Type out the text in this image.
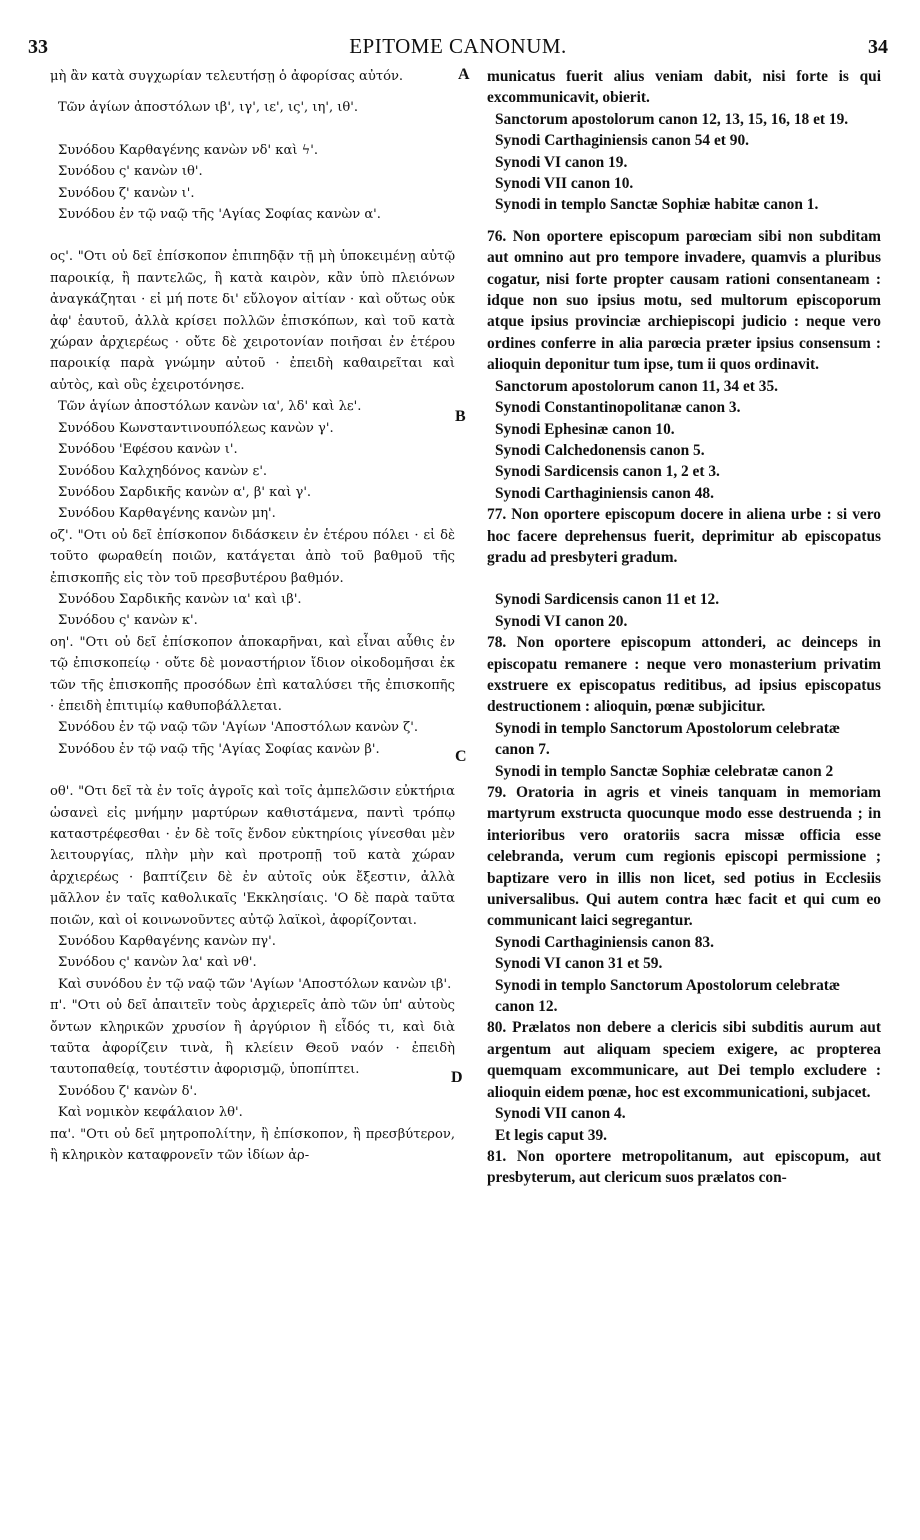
33	EPITOME CANONUM.	34
A
B
C
D

μὴ ἂν κατὰ συγχωρίαν τελευτήσῃ ὁ ἀφορίσας αὐτόν.

Τῶν ἁγίων ἀποστόλων ιβ', ιγ', ιε', ις', ιη', ιθ'.

Συνόδου Καρθαγένης κανὼν νδ' καὶ ϟ'.

Συνόδου ς' κανὼν ιθ'.

Συνόδου ζ' κανὼν ι'.

Συνόδου ἐν τῷ ναῷ τῆς 'Αγίας Σοφίας κανὼν α'.

ος'. "Οτι οὐ δεῖ ἐπίσκοπον ἐπιπηδᾷν τῇ μὴ ὑποκειμένῃ αὐτῷ παροικίᾳ, ἢ παντελῶς, ἢ κατὰ καιρὸν, κἂν ὑπὸ πλειόνων ἀναγκάζηται · εἰ μή ποτε δι' εὔλογον αἰτίαν · καὶ οὕτως οὐκ ἀφ' ἑαυτοῦ, ἀλλὰ κρίσει πολλῶν ἐπισκόπων, καὶ τοῦ κατὰ χώραν ἀρχιερέως · οὔτε δὲ χειροτονίαν ποιῆσαι ἐν ἑτέρου παροικίᾳ παρὰ γνώμην αὐτοῦ · ἐπειδὴ καθαιρεῖται καὶ αὐτὸς, καὶ οὓς ἐχειροτόνησε.

Τῶν ἁγίων ἀποστόλων κανὼν ια', λδ' καὶ λε'.

Συνόδου Κωνσταντινουπόλεως κανὼν γ'.

Συνόδου 'Εφέσου κανὼν ι'.

Συνόδου Καλχηδόνος κανὼν ε'.

Συνόδου Σαρδικῆς κανὼν α', β' καὶ γ'.

Συνόδου Καρθαγένης κανὼν μη'.

οζ'. "Οτι οὐ δεῖ ἐπίσκοπον διδάσκειν ἐν ἑτέρου πόλει · εἰ δὲ τοῦτο φωραθείη ποιῶν, κατάγεται ἀπὸ τοῦ βαθμοῦ τῆς ἐπισκοπῆς εἰς τὸν τοῦ πρεσβυτέρου βαθμόν.

Συνόδου Σαρδικῆς κανὼν ια' καὶ ιβ'.

Συνόδου ς' κανὼν κ'.

οη'. "Οτι οὐ δεῖ ἐπίσκοπον ἀποκαρῆναι, καὶ εἶναι αὖθις ἐν τῷ ἐπισκοπείῳ · οὔτε δὲ μοναστήριον ἴδιον οἰκοδομῆσαι ἐκ τῶν τῆς ἐπισκοπῆς προσόδων ἐπὶ καταλύσει τῆς ἐπισκοπῆς · ἐπειδὴ ἐπιτιμίῳ καθυποβάλλεται.

Συνόδου ἐν τῷ ναῷ τῶν 'Αγίων 'Αποστόλων κανὼν ζ'.

Συνόδου ἐν τῷ ναῷ τῆς 'Αγίας Σοφίας κανὼν β'.

οθ'. "Οτι δεῖ τὰ ἐν τοῖς ἀγροῖς καὶ τοῖς ἀμπελῶσιν εὐκτήρια ὡσανεὶ εἰς μνήμην μαρτύρων καθιστάμενα, παντὶ τρόπῳ καταστρέφεσθαι · ἐν δὲ τοῖς ἔνδον εὐκτηρίοις γίνεσθαι μὲν λειτουργίας, πλὴν μὴν καὶ προτροπῇ τοῦ κατὰ χώραν ἀρχιερέως · βαπτίζειν δὲ ἐν αὐτοῖς οὐκ ἔξεστιν, ἀλλὰ μᾶλλον ἐν ταῖς καθολικαῖς 'Εκκλησίαις. 'Ο δὲ παρὰ ταῦτα ποιῶν, καὶ οἱ κοινωνοῦντες αὐτῷ λαϊκοὶ, ἀφορίζονται.

Συνόδου Καρθαγένης κανὼν πγ'.

Συνόδου ς' κανὼν λα' καὶ νθ'.

Καὶ συνόδου ἐν τῷ ναῷ τῶν 'Αγίων 'Αποστόλων κανὼν ιβ'.

π'. "Οτι οὐ δεῖ ἀπαιτεῖν τοὺς ἀρχιερεῖς ἀπὸ τῶν ὑπ' αὐτοὺς ὄντων κληρικῶν χρυσίον ἢ ἀργύριον ἢ εἶδός τι, καὶ διὰ ταῦτα ἀφορίζειν τινὰ, ἢ κλείειν Θεοῦ ναόν · ἐπειδὴ ταυτοπαθείᾳ, τουτέστιν ἀφορισμῷ, ὑποπίπτει.

Συνόδου ζ' κανὼν δ'.

Καὶ νομικὸν κεφάλαιον λθ'.

πα'. "Οτι οὐ δεῖ μητροπολίτην, ἢ ἐπίσκοπον, ἢ πρεσβύτερον, ἢ κληρικὸν καταφρονεῖν τῶν ἰδίων ἀρ-

municatus fuerit alius veniam dabit, nisi forte is qui excommunicavit, obierit.

Sanctorum apostolorum canon 12, 13, 15, 16, 18 et 19.

Synodi Carthaginiensis canon 54 et 90.

Synodi VI canon 19.

Synodi VII canon 10.

Synodi in templo Sanctæ Sophiæ habitæ canon 1.

76. Non oportere episcopum parœciam sibi non subditam aut omnino aut pro tempore invadere, quamvis a pluribus cogatur, nisi forte propter causam rationi consentaneam : idque non suo ipsius motu, sed multorum episcoporum atque ipsius provinciæ archiepiscopi judicio : neque vero ordines conferre in alia parœcia præter ipsius consensum : alioquin deponitur tum ipse, tum ii quos ordinavit.

Sanctorum apostolorum canon 11, 34 et 35.

Synodi Constantinopolitanæ canon 3.

Synodi Ephesinæ canon 10.

Synodi Calchedonensis canon 5.

Synodi Sardicensis canon 1, 2 et 3.

Synodi Carthaginiensis canon 48.

77. Non oportere episcopum docere in aliena urbe : si vero hoc facere deprehensus fuerit, deprimitur ab episcopatus gradu ad presbyteri gradum.

Synodi Sardicensis canon 11 et 12.

Synodi VI canon 20.

78. Non oportere episcopum attonderi, ac deinceps in episcopatu remanere : neque vero monasterium privatim exstruere ex episcopatus reditibus, ad ipsius episcopatus destructionem : alioquin, pœnæ subjicitur.

Synodi in templo Sanctorum Apostolorum celebratæ canon 7.

Synodi in templo Sanctæ Sophiæ celebratæ canon 2

79. Oratoria in agris et vineis tanquam in memoriam martyrum exstructa quocunque modo esse destruenda ; in interioribus vero oratoriis sacra missæ officia esse celebranda, verum cum regionis episcopi permissione ; baptizare vero in illis non licet, sed potius in Ecclesiis universalibus. Qui autem contra hæc facit et qui cum eo communicant laici segregantur.

Synodi Carthaginiensis canon 83.

Synodi VI canon 31 et 59.

Synodi in templo Sanctorum Apostolorum celebratæ canon 12.

80. Prælatos non debere a clericis sibi subditis aurum aut argentum aut aliquam speciem exigere, ac propterea quemquam excommunicare, aut Dei templo excludere : alioquin eidem pœnæ, hoc est excommunicationi, subjacet.

Synodi VII canon 4.

Et legis caput 39.

81. Non oportere metropolitanum, aut episcopum, aut presbyterum, aut clericum suos prælatos con-
